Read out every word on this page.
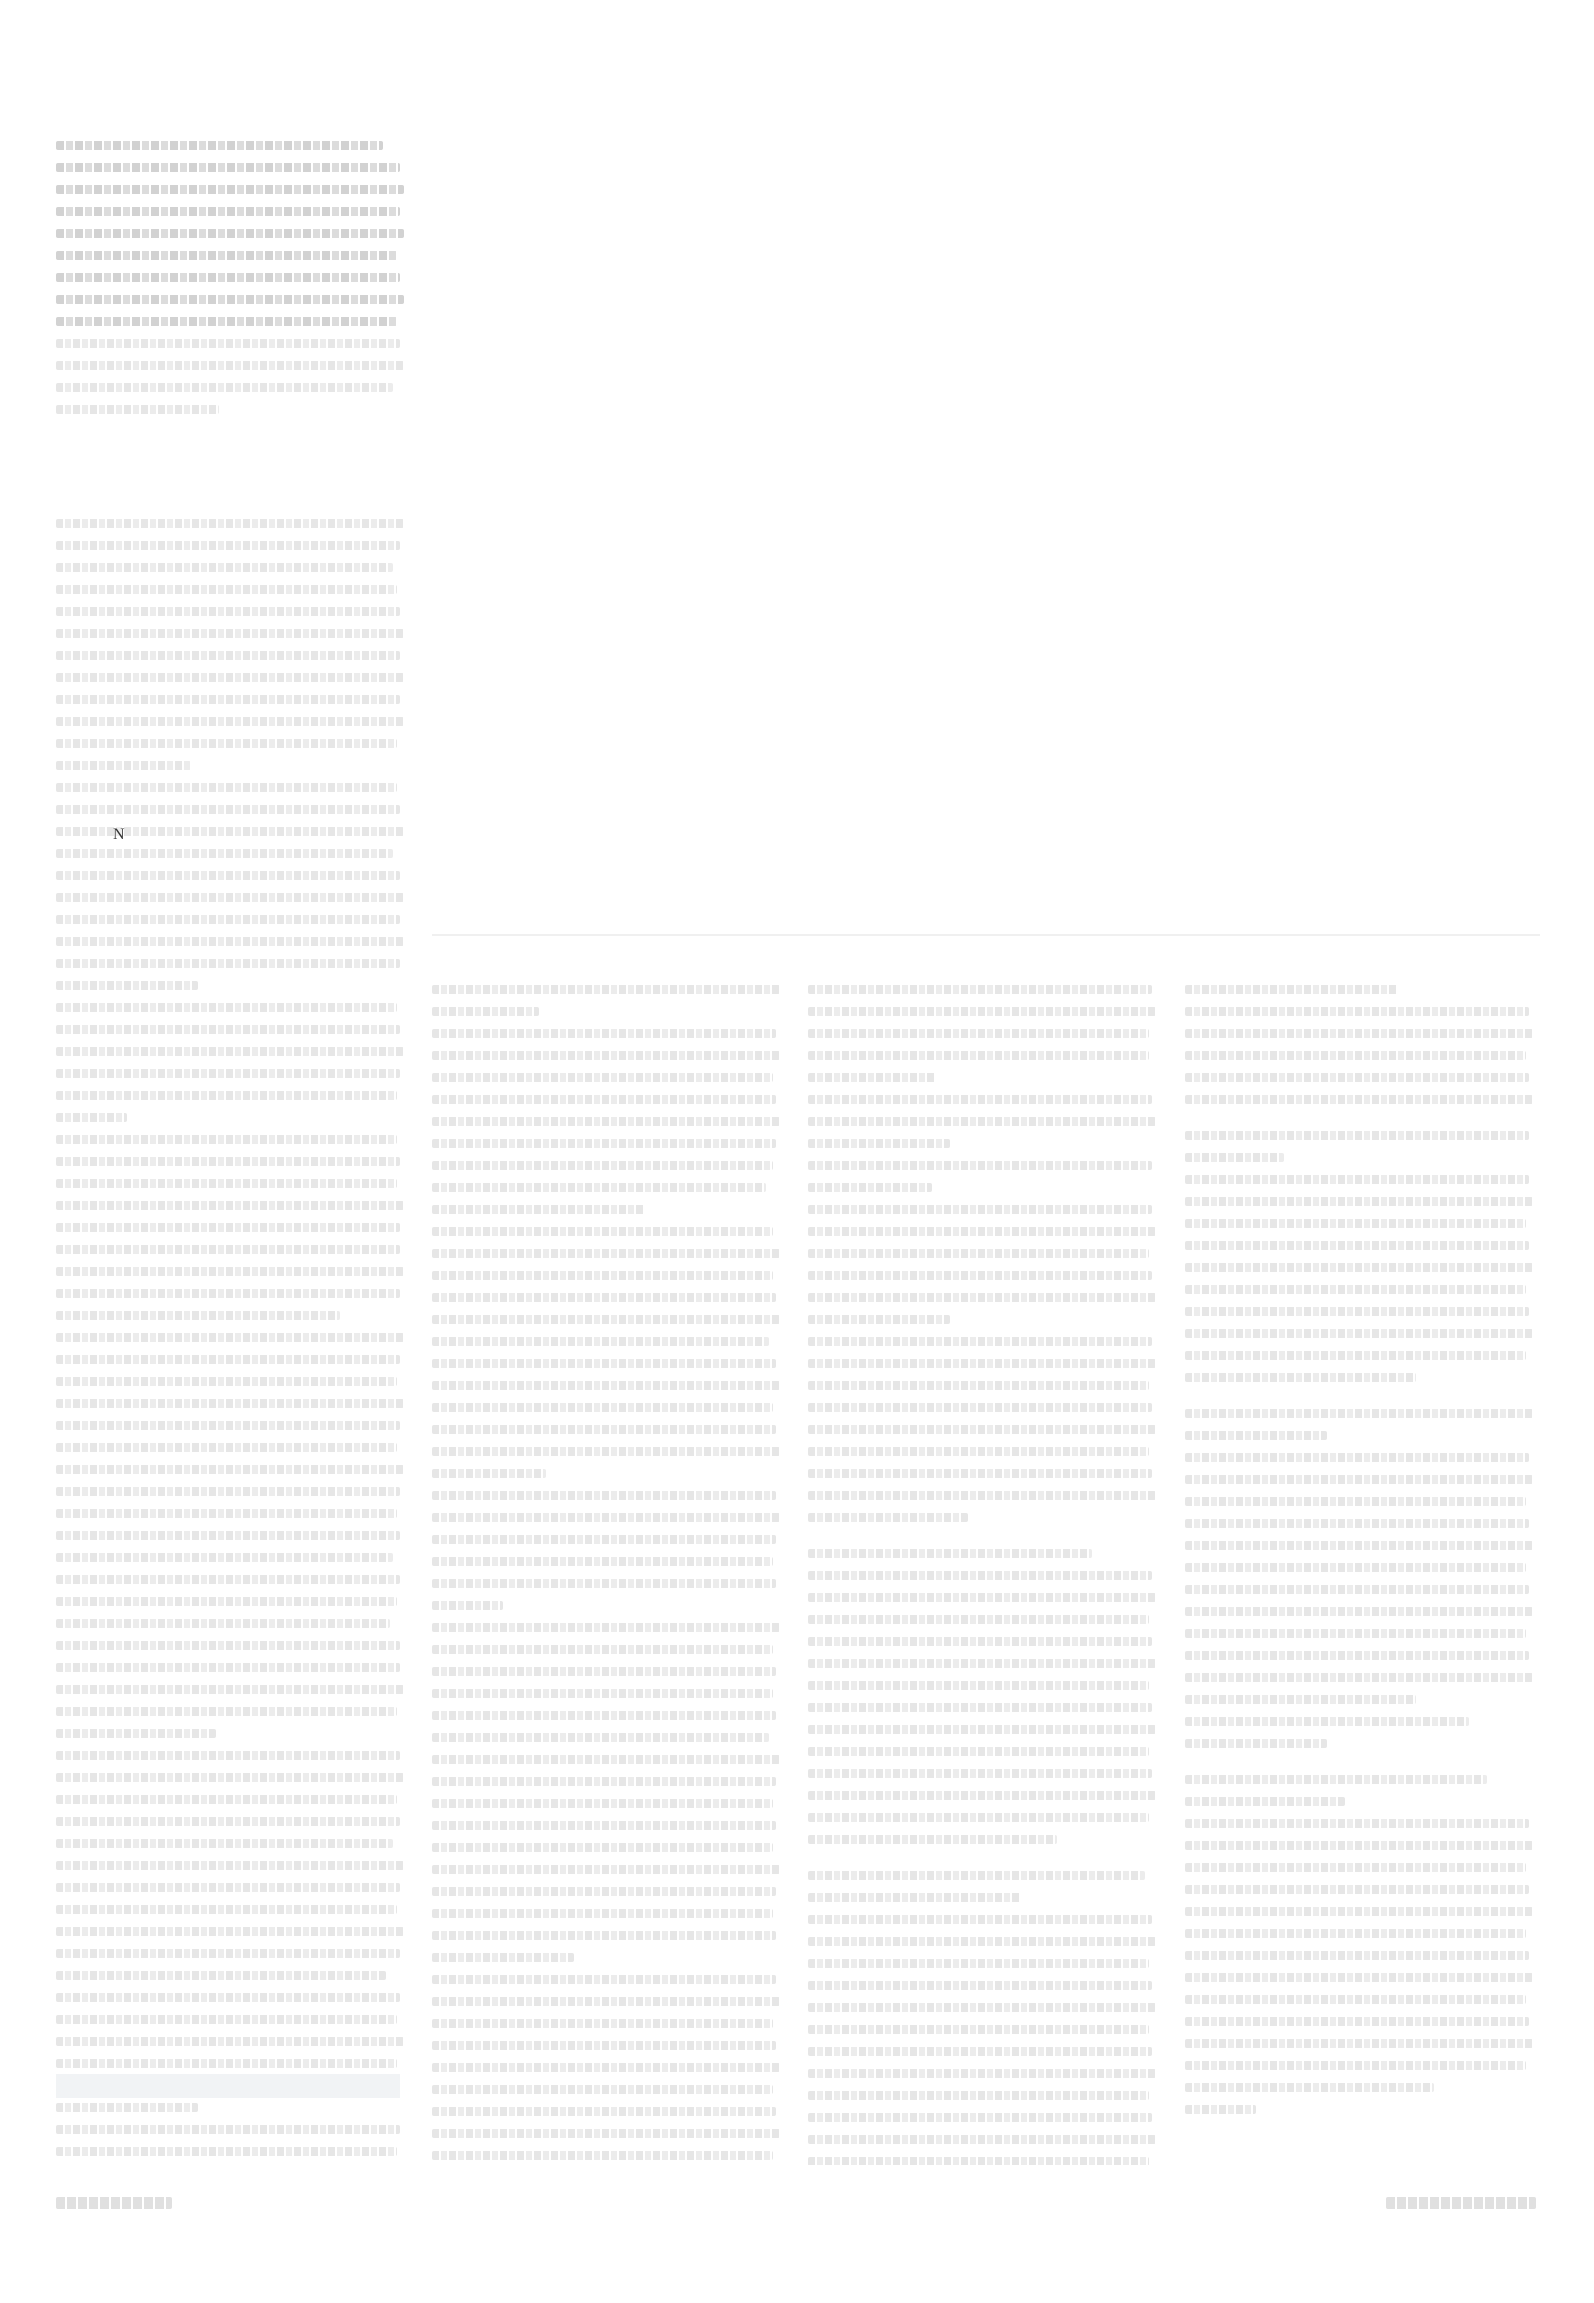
N
